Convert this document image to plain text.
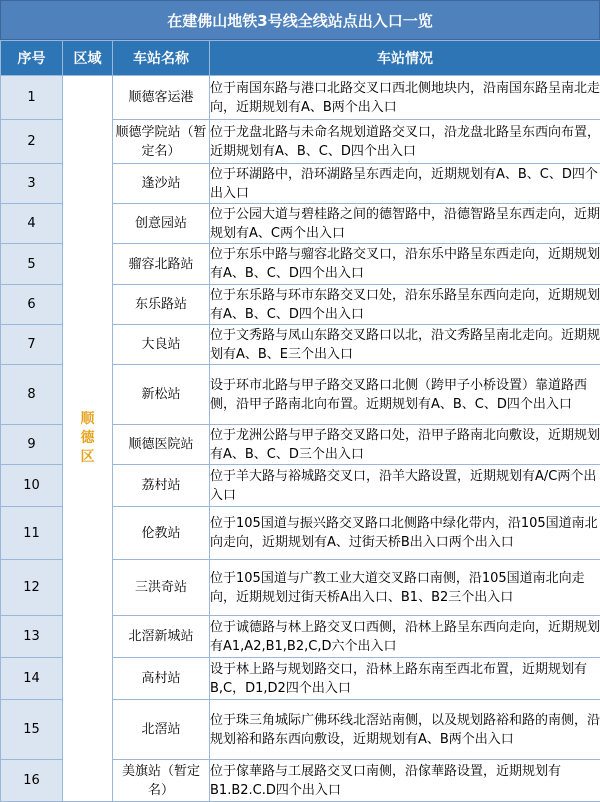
在建佛山地铁3号线全线站点出入口一览
序号	区域	车站名称	车站情况
1	顺德区	顺德客运港	位于南国东路与港口北路交叉口西北侧地块内，沿南国东路呈南北走向，近期规划有A、B两个出入口
2		顺德学院站（暂定名）	位于龙盘北路与未命名规划道路交叉口，沿龙盘北路呈东西向布置，近期规划有A、B、C、D四个出入口
3		逢沙站	位于环湖路中，沿环湖路呈东西走向，近期规划有A、B、C、D四个出入口
4		创意园站	位于公园大道与碧桂路之间的德智路中，沿德智路呈东西走向，近期规划有A、C两个出入口
5		骝容北路站	位于东乐中路与骝容北路交叉口，沿东乐中路呈东西走向，近期规划有A、B、C、D四个出入口
6		东乐路站	位于东乐路与环市东路交叉口处，沿东乐路呈东西向走向，近期规划有A、B、C、D四个出入口
7		大良站	位于文秀路与凤山东路交叉路口以北，沿文秀路呈南北走向。近期规划有A、B、E三个出入口
8		新松站	设于环市北路与甲子路交叉路口北侧（跨甲子小桥设置）靠道路西侧，沿甲子路南北向布置。近期规划有A、B、C、D四个出入口
9		顺德医院站	位于龙洲公路与甲子路交叉路口处，沿甲子路南北向敷设，近期规划有A、B、C、D三个出入口
10		荔村站	位于羊大路与裕城路交叉口，沿羊大路设置，近期规划有A/C两个出入口
11		伦教站	位于105国道与振兴路交叉路口北侧路中绿化带内，沿105国道南北向走向，近期规划有A、过街天桥B出入口两个出入口
12		三洪奇站	位于105国道与广教工业大道交叉路口南侧，沿105国道南北向走向，近期规划过街天桥A出入口、B1、B2三个出入口
13		北滘新城站	位于诚德路与林上路交叉口西侧，沿林上路呈东西向走向，近期规划有A1,A2,B1,B2,C,D六个出入口
14		高村站	设于林上路与规划路交口，沿林上路东南至西北布置，近期规划有B,C，D1,D2四个出入口
15		北滘站	位于珠三角城际广佛环线北滘站南侧，以及规划路裕和路的南侧，沿规划裕和路东西向敷设，近期规划有A、B两个出入口
16		美旗站（暂定名）	位于傢華路与工展路交叉口南侧，沿傢華路设置，近期规划有B1.B2.C.D四个出入口
